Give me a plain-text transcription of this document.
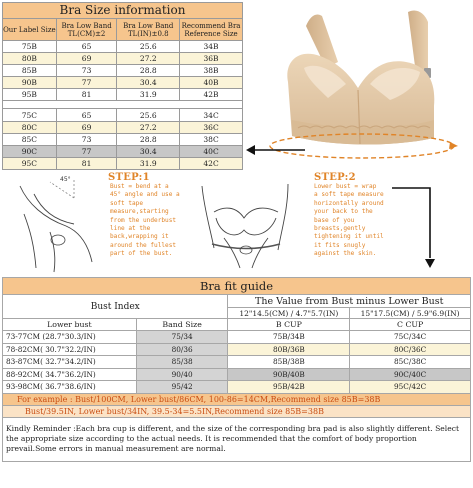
Bra Size information			
Our Label Size	Bra Low Band TL(CM)±2	Bra Low Band TL(IN)±0.8	Recommend Bra Reference Size
75B	65	25.6	34B
80B	69	27.2	36B
85B	73	28.8	38B
90B	77	30.4	40B
95B	81	31.9	42B

75C	65	25.6	34C
80C	69	27.2	36C
85C	73	28.8	38C
90C	77	30.4	40C
95C	81	31.9	42C
45°	STEP:1
Bust = bend at a
45° angle and use a
soft tape
measure,starting
from the underbust
line at the
back,wrapping it
around the fullest
part of the bust.
STEP:2
Lower bust = wrap
a soft tape measure
horizontally around
your back to the
base of you
breasts,gently
tightening it until
it fits snugly
against the skin.
Bra fit guide			
Bust Index		The Value from Bust minus Lower Bust	
		12"14.5(CM) / 4.7"5.7(IN)	15"17.5(CM) / 5.9"6.9(IN)
Lower bust	Band Size	B CUP	C CUP
73-77CM (28.7"30.3/IN)	75/34	75B/34B	75C/34C
78-82CM( 30.7"32.2/IN)	80/36	80B/36B	80C/36C
83-87CM( 32.7"34.2/IN)	85/38	85B/38B	85C/38C
88-92CM( 34.7"36.2/IN)	90/40	90B/40B	90C/40C
93-98CM( 36.7"38.6/IN)	95/42	95B/42B	95C/42C
For example : Bust/100CM, Lower bust/86CM, 100-86=14CM,Recommend size 85B=38B			
Bust/39.5IN, Lower bust/34IN, 39.5-34=5.5IN,Recommend size 85B=38B			
Kindly Reminder :Each bra cup is different, and the size of the corresponding bra pad is also slightly different. Select the appropriate size according to the actual needs. It is recommended that the comfort of body proportion prevail.Some errors in manual measurement are normal.			
